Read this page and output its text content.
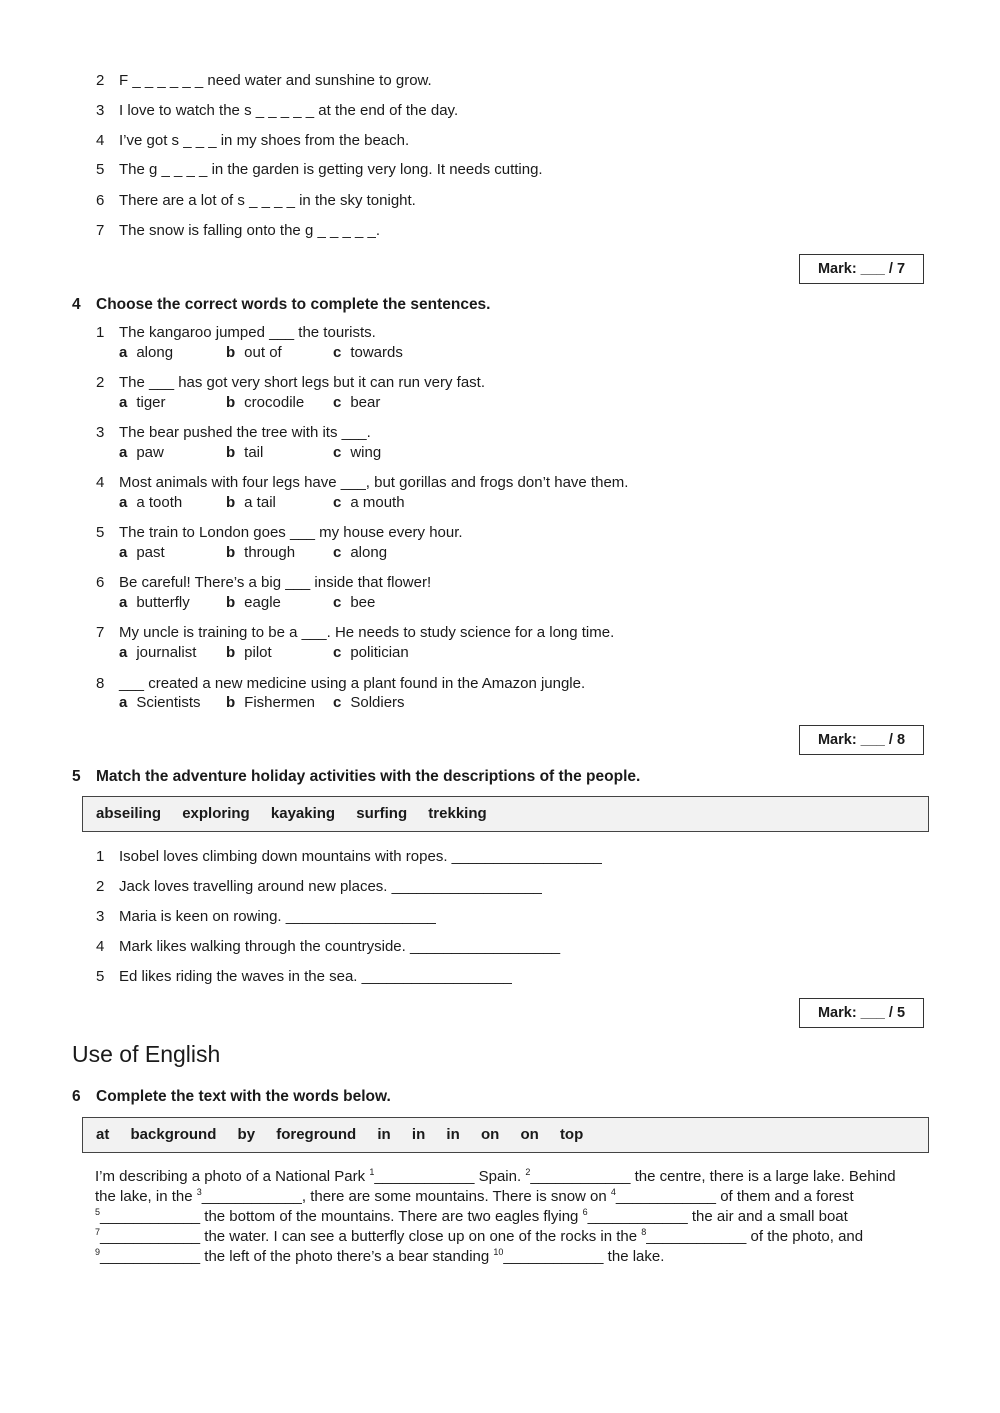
2 F _ _ _ _ _ _ need water and sunshine to grow.
3 I love to watch the s _ _ _ _ _ at the end of the day.
4 I’ve got s _ _ _ in my shoes from the beach.
5 The g _ _ _ _ in the garden is getting very long. It needs cutting.
6 There are a lot of s _ _ _ _ in the sky tonight.
7 The snow is falling onto the g _ _ _ _ _.
Mark: ___ / 7
4 Choose the correct words to complete the sentences.
1 The kangaroo jumped ___ the tourists.
a along	b out of	c towards
2 The ___ has got very short legs but it can run very fast.
a tiger	b crocodile c bear
3 The bear pushed the tree with its ___.
a paw	b tail	c wing
4 Most animals with four legs have ___, but gorillas and frogs don’t have them.
a a tooth	b a tail	c a mouth
5 The train to London goes ___ my house every hour.
a past	b through	c along
6 Be careful! There’s a big ___ inside that flower!
a butterfly b eagle	c bee
7 My uncle is training to be a ___. He needs to study science for a long time.
a journalist b pilot	c politician
8 ___ created a new medicine using a plant found in the Amazon jungle.
a Scientists b Fishermen c Soldiers
Mark: ___ / 8
5 Match the adventure holiday activities with the descriptions of the people.
abseiling exploring kayaking surfing trekking
1 Isobel loves climbing down mountains with ropes. __________________
2 Jack loves travelling around new places. __________________
3 Maria is keen on rowing. __________________
4 Mark likes walking through the countryside. __________________
5 Ed likes riding the waves in the sea. __________________
Mark: ___ / 5
Use of English
6 Complete the text with the words below.
at background by foreground in in in on on top
I’m describing a photo of a National Park $^1$____________ Spain. $^2$____________ the centre, there is a large lake. Behind
the lake, in the $^3$____________, there are some mountains. There is snow on $^4$____________ of them and a forest
$^5$____________ the bottom of the mountains. There are two eagles flying $^6$____________ the air and a small boat
$^7$____________ the water. I can see a butterfly close up on one of the rocks in the $^8$____________ of the photo, and
$^9$____________ the left of the photo there’s a bear standing $^{10}$____________ the lake.
